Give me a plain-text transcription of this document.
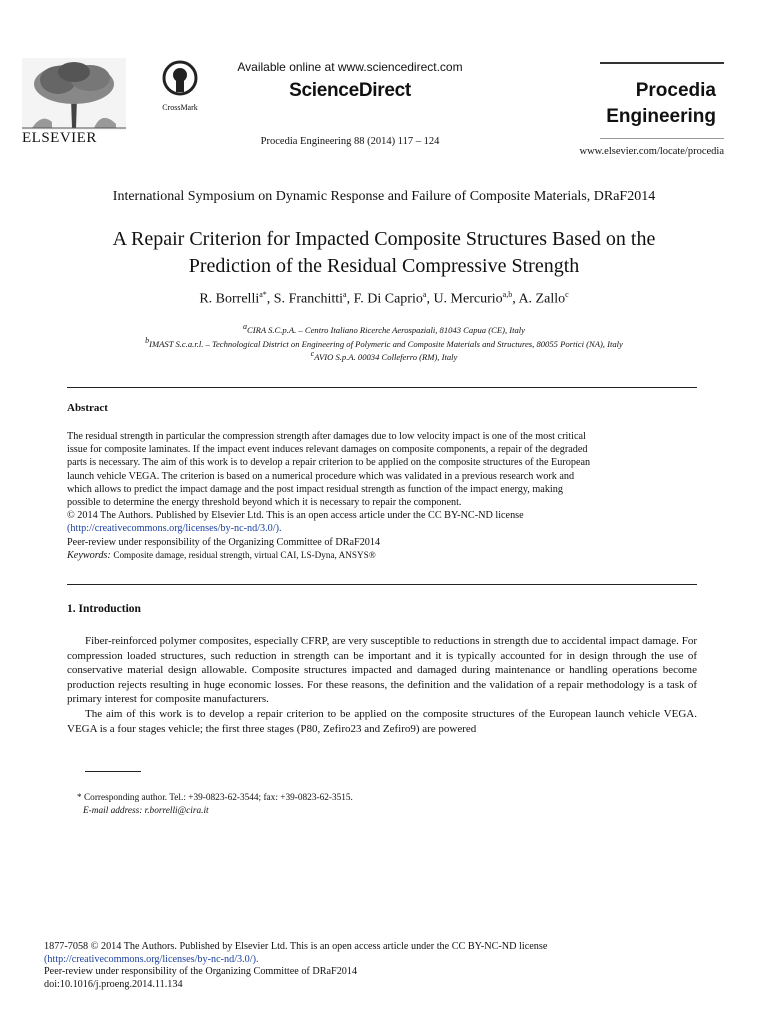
ELSEVIER
CrossMark
Available online at www.sciencedirect.com
ScienceDirect
Procedia Engineering 88 (2014) 117 – 124
Procedia
Engineering
www.elsevier.com/locate/procedia
International Symposium on Dynamic Response and Failure of Composite Materials, DRaF2014
A Repair Criterion for Impacted Composite Structures Based on the
Prediction of the Residual Compressive Strength
R. Borrelli$^{a*}$, S. Franchitti$^a$, F. Di Caprio$^a$, U. Mercurio$^{a,b}$, A. Zallo$^c$
$^a$CIRA S.C.p.A. – Centro Italiano Ricerche Aerospaziali, 81043 Capua (CE), Italy
$^b$IMAST S.c.a.r.l. – Technological District on Engineering of Polymeric and Composite Materials and Structures, 80055 Portici (NA), Italy
$^c$AVIO S.p.A. 00034 Colleferro (RM), Italy
Abstract
The residual strength in particular the compression strength after damages due to low velocity impact is one of the most critical
issue for composite laminates. If the impact event induces relevant damages on composite components, a repair of the degraded
parts is necessary. The aim of this work is to develop a repair criterion to be applied on the composite structures of the European
launch vehicle VEGA. The criterion is based on a numerical procedure which was validated in a previous research work and
which allows to predict the impact damage and the post impact residual strength as function of the impact energy, making
possible to determine the energy threshold beyond which it is necessary to repair the component.
© 2014 The Authors. Published by Elsevier Ltd. This is an open access article under the CC BY-NC-ND license
(http://creativecommons.org/licenses/by-nc-nd/3.0/).
Peer-review under responsibility of the Organizing Committee of DRaF2014
Keywords: Composite damage, residual strength, virtual CAI, LS-Dyna, ANSYS®
1. Introduction

Fiber-reinforced polymer composites, especially CFRP, are very susceptible to reductions in strength due to accidental impact damage. For compression loaded structures, such reduction in strength can be important and it is typically accounted for in design through the use of conservative material design allowable. Composite structures impacted and damaged during maintenance or handling operations become production rejects resulting in huge economic losses. For these reasons, the definition and the validation of a repair methodology is a task of primary interest for composite manufacturers.

The aim of this work is to develop a repair criterion to be applied on the composite structures of the European launch vehicle VEGA. VEGA is a four stages vehicle; the first three stages (P80, Zefiro23 and Zefiro9) are powered

* Corresponding author. Tel.: +39-0823-62-3544; fax: +39-0823-62-3515.
E-mail address: r.borrelli@cira.it
1877-7058 © 2014 The Authors. Published by Elsevier Ltd. This is an open access article under the CC BY-NC-ND license
(http://creativecommons.org/licenses/by-nc-nd/3.0/).
Peer-review under responsibility of the Organizing Committee of DRaF2014
doi:10.1016/j.proeng.2014.11.134
